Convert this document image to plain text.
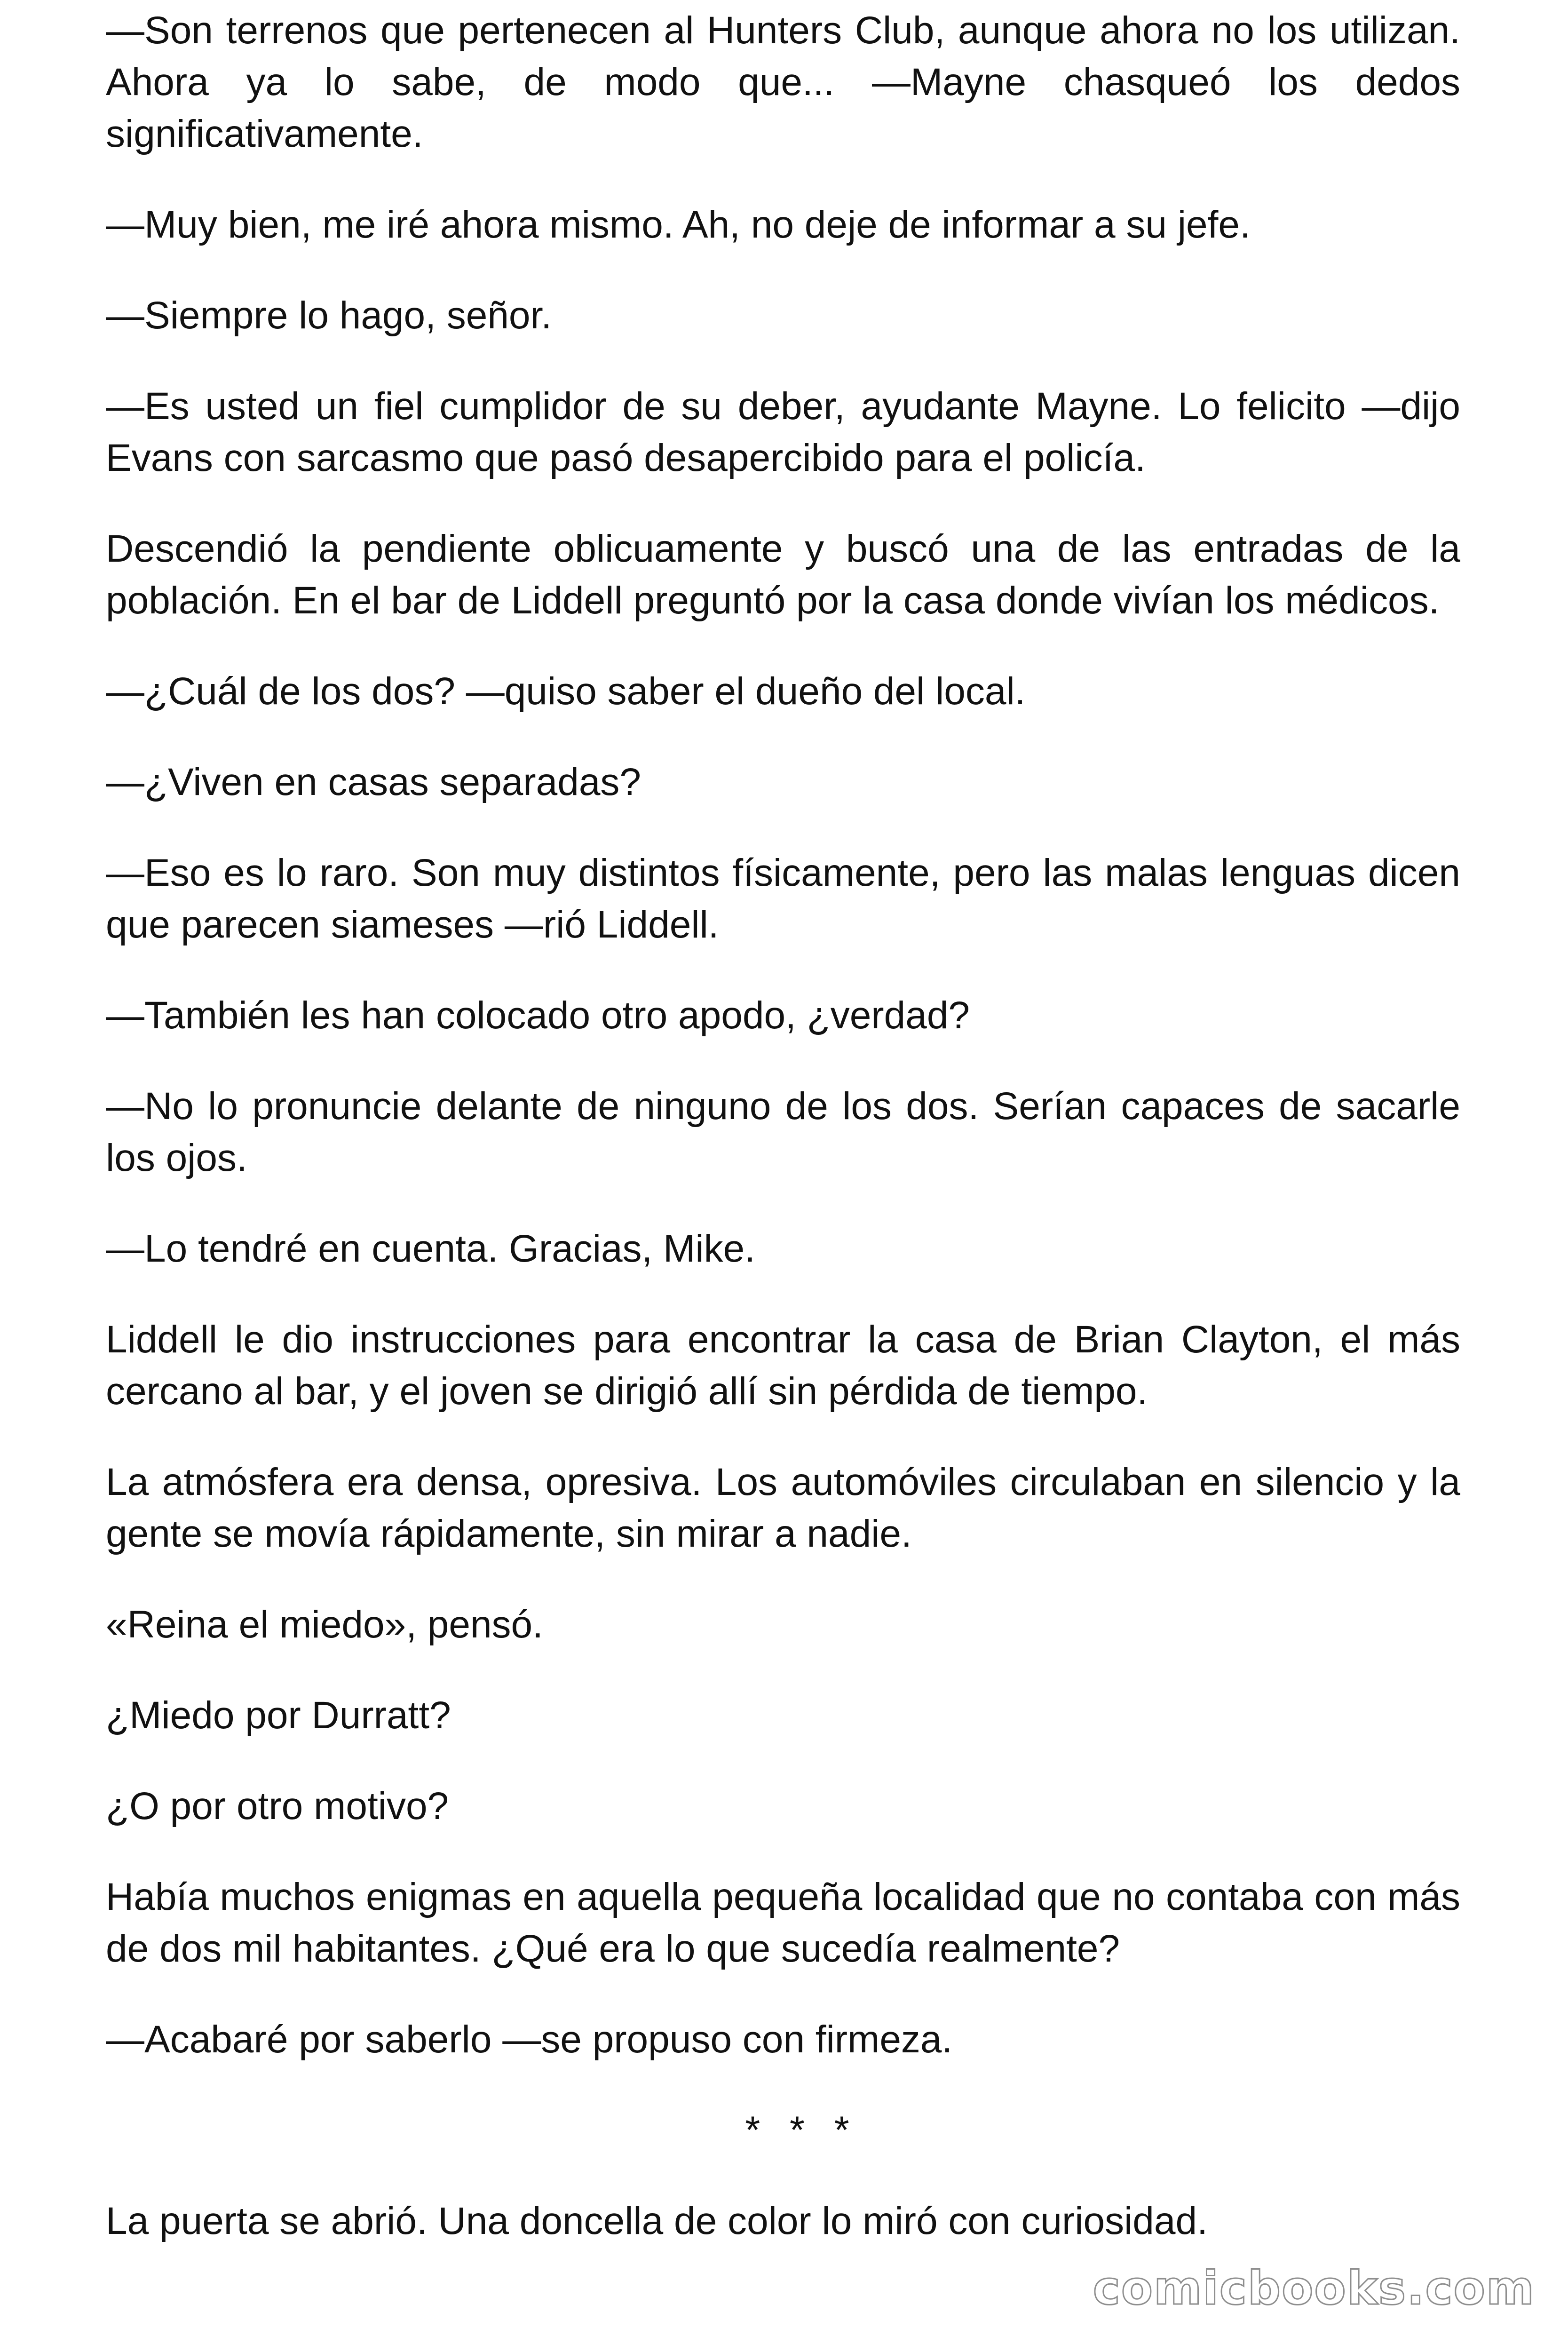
—Son terrenos que pertenecen al Hunters Club, aunque ahora no los utilizan. Ahora ya lo sabe, de modo que... —Mayne chasqueó los dedos significativamente.

—Muy bien, me iré ahora mismo. Ah, no deje de informar a su jefe.

—Siempre lo hago, señor.

—Es usted un fiel cumplidor de su deber, ayudante Mayne. Lo felicito —dijo Evans con sarcasmo que pasó desapercibido para el policía.

Descendió la pendiente oblicuamente y buscó una de las entradas de la población. En el bar de Liddell preguntó por la casa donde vivían los médicos.

—¿Cuál de los dos? —quiso saber el dueño del local.

—¿Viven en casas separadas?

—Eso es lo raro. Son muy distintos físicamente, pero las malas lenguas dicen que parecen siameses —rió Liddell.

—También les han colocado otro apodo, ¿verdad?

—No lo pronuncie delante de ninguno de los dos. Serían capaces de sacarle los ojos.

—Lo tendré en cuenta. Gracias, Mike.

Liddell le dio instrucciones para encontrar la casa de Brian Clayton, el más cercano al bar, y el joven se dirigió allí sin pérdida de tiempo.

La atmósfera era densa, opresiva. Los automóviles circulaban en silencio y la gente se movía rápidamente, sin mirar a nadie.

«Reina el miedo», pensó.

¿Miedo por Durratt?

¿O por otro motivo?

Había muchos enigmas en aquella pequeña localidad que no contaba con más de dos mil habitantes. ¿Qué era lo que sucedía realmente?

—Acabaré por saberlo —se propuso con firmeza.

* * *

La puerta se abrió. Una doncella de color lo miró con curiosidad.

comicbooks.com
